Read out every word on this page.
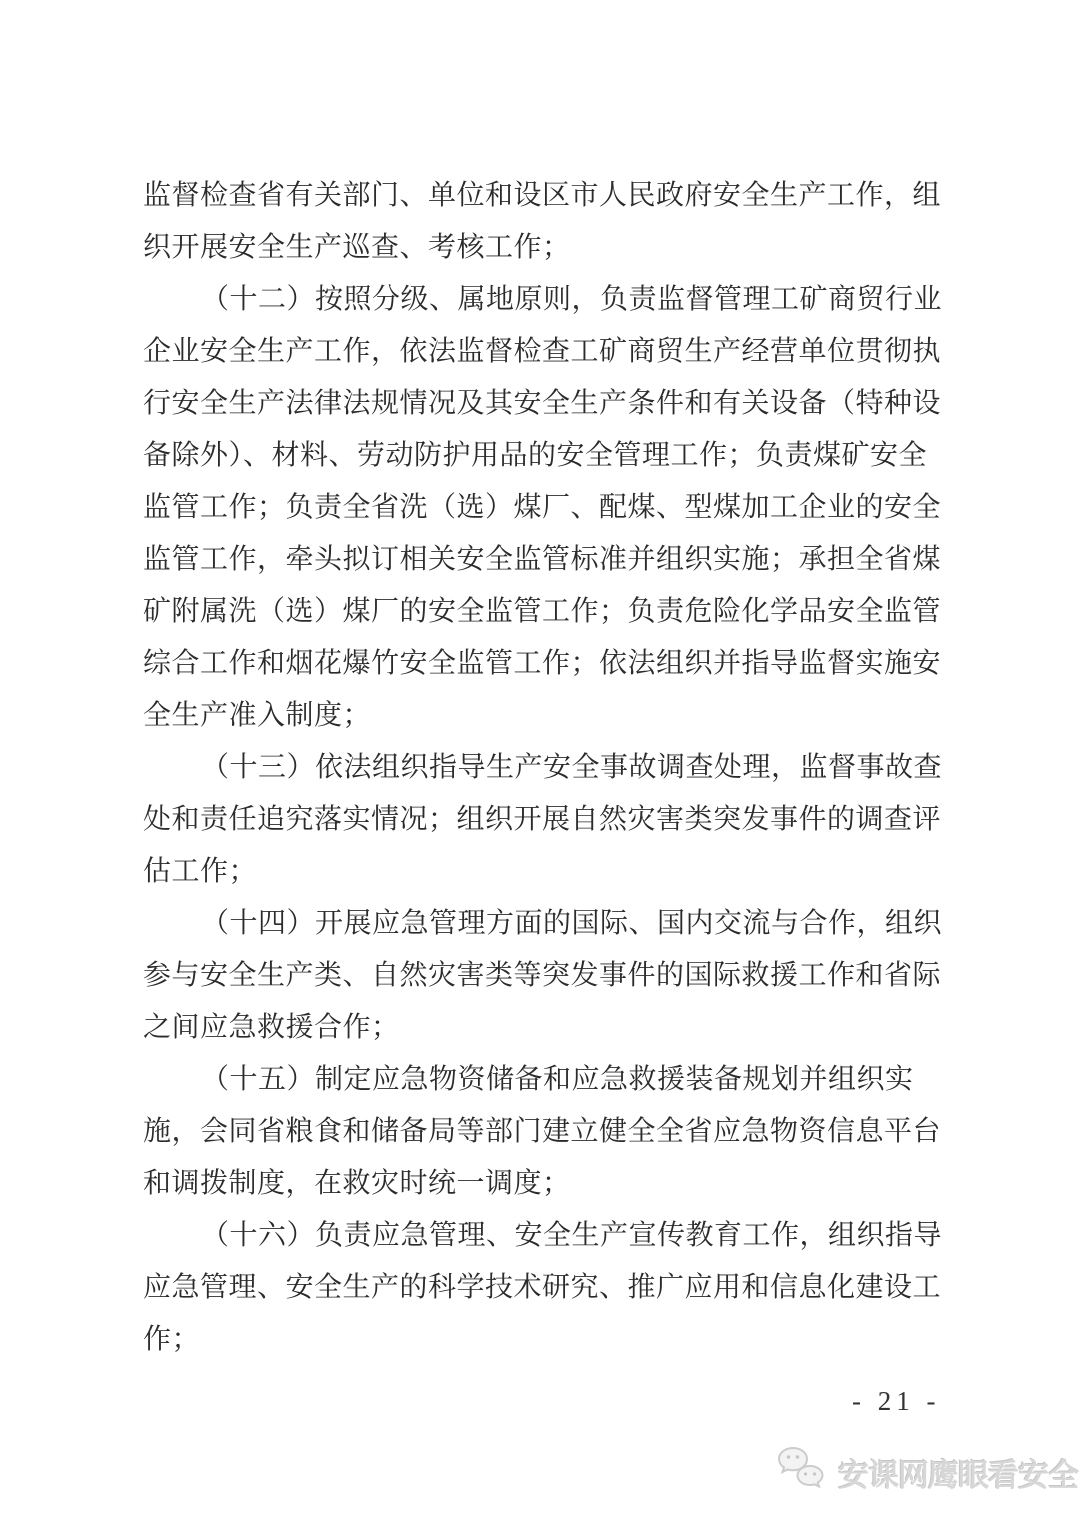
监督检查省有关部门、单位和设区市人民政府安全生产工作，组
织开展安全生产巡查、考核工作；
（十二）按照分级、属地原则，负责监督管理工矿商贸行业
企业安全生产工作，依法监督检查工矿商贸生产经营单位贯彻执
行安全生产法律法规情况及其安全生产条件和有关设备（特种设
备除外）、材料、劳动防护用品的安全管理工作；负责煤矿安全
监管工作；负责全省洗（选）煤厂、配煤、型煤加工企业的安全
监管工作，牵头拟订相关安全监管标准并组织实施；承担全省煤
矿附属洗（选）煤厂的安全监管工作；负责危险化学品安全监管
综合工作和烟花爆竹安全监管工作；依法组织并指导监督实施安
全生产准入制度；
（十三）依法组织指导生产安全事故调查处理，监督事故查
处和责任追究落实情况；组织开展自然灾害类突发事件的调查评
估工作；
（十四）开展应急管理方面的国际、国内交流与合作，组织
参与安全生产类、自然灾害类等突发事件的国际救援工作和省际
之间应急救援合作；
（十五）制定应急物资储备和应急救援装备规划并组织实
施，会同省粮食和储备局等部门建立健全全省应急物资信息平台
和调拨制度，在救灾时统一调度；
（十六）负责应急管理、安全生产宣传教育工作，组织指导
应急管理、安全生产的科学技术研究、推广应用和信息化建设工
作；
- 21 -
安课网鹰眼看安全
